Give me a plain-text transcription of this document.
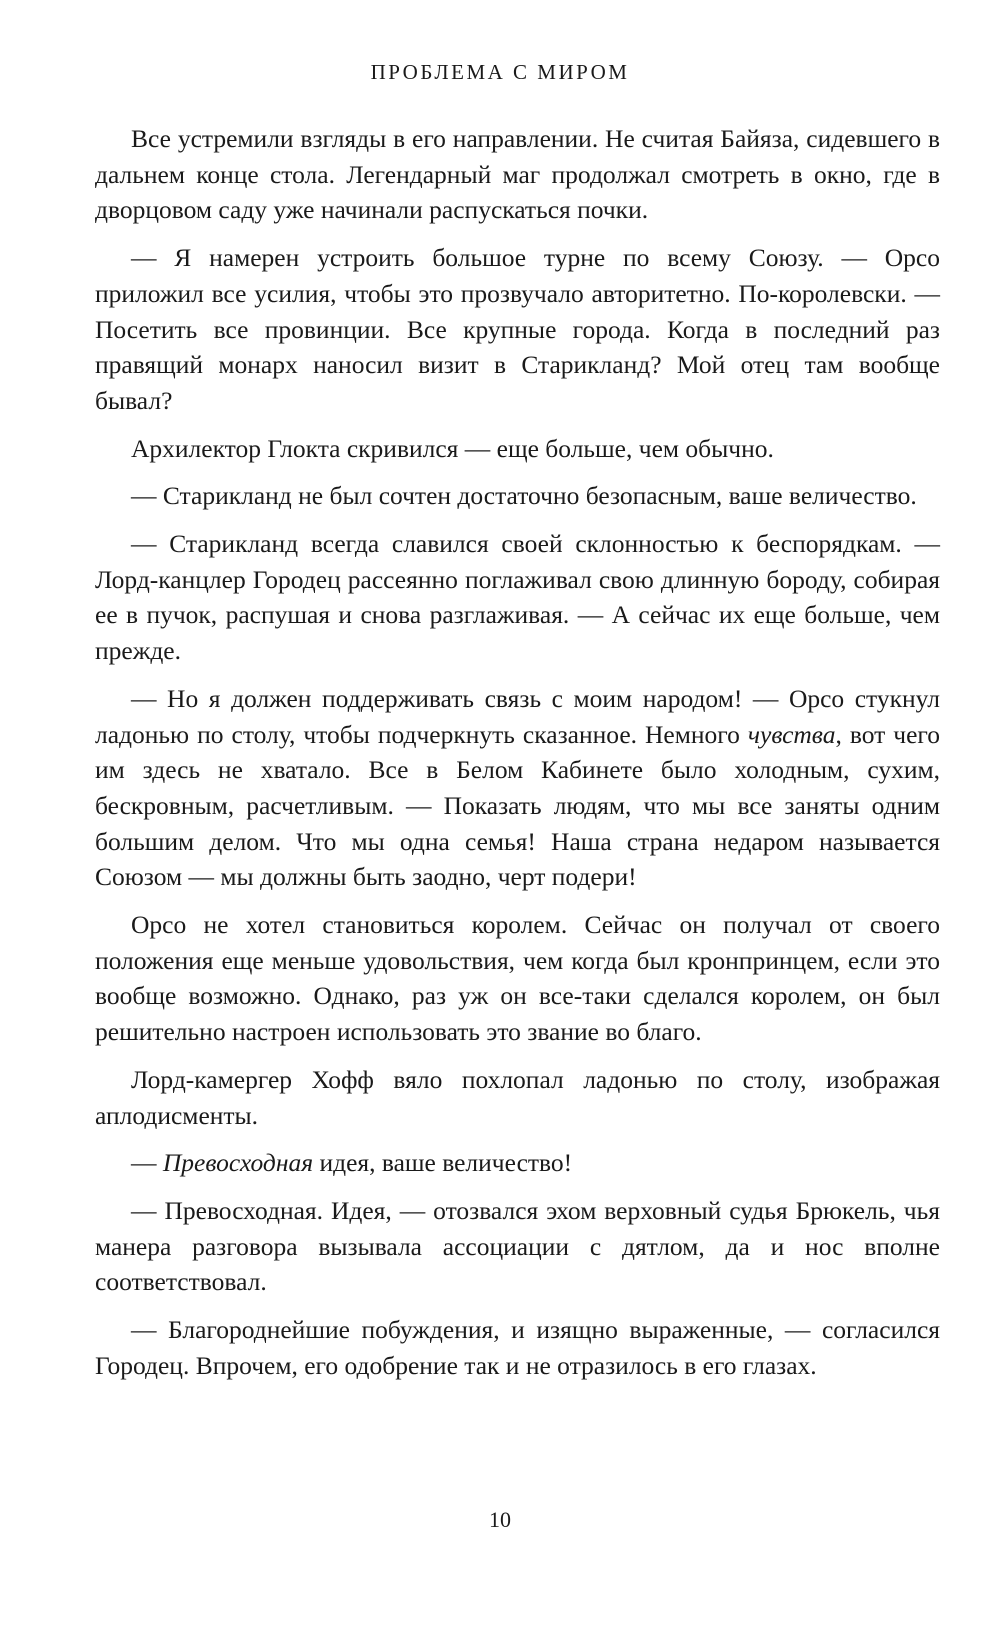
ПРОБЛЕМА С МИРОМ

Все устремили взгляды в его направлении. Не считая Байяза, сидевшего в дальнем конце стола. Легендарный маг продолжал смотреть в окно, где в дворцовом саду уже начинали распускаться почки.

— Я намерен устроить большое турне по всему Союзу. — Орсо приложил все усилия, чтобы это прозвучало авторитетно. По-королевски. — Посетить все провинции. Все крупные города. Когда в последний раз правящий монарх наносил визит в Старикланд? Мой отец там вообще бывал?

Архилектор Глокта скривился — еще больше, чем обычно.

— Старикланд не был сочтен достаточно безопасным, ваше величество.

— Старикланд всегда славился своей склонностью к беспорядкам. — Лорд-канцлер Городец рассеянно поглаживал свою длинную бороду, собирая ее в пучок, распушая и снова разглаживая. — А сейчас их еще больше, чем прежде.

— Но я должен поддерживать связь с моим народом! — Орсо стукнул ладонью по столу, чтобы подчеркнуть сказанное. Немного чувства, вот чего им здесь не хватало. Все в Белом Кабинете было холодным, сухим, бескровным, расчетливым. — Показать людям, что мы все заняты одним большим делом. Что мы одна семья! Наша страна недаром называется Союзом — мы должны быть заодно, черт подери!

Орсо не хотел становиться королем. Сейчас он получал от своего положения еще меньше удовольствия, чем когда был кронпринцем, если это вообще возможно. Однако, раз уж он все-таки сделался королем, он был решительно настроен использовать это звание во благо.

Лорд-камергер Хофф вяло похлопал ладонью по столу, изображая аплодисменты.

— Превосходная идея, ваше величество!

— Превосходная. Идея, — отозвался эхом верховный судья Брюкель, чья манера разговора вызывала ассоциации с дятлом, да и нос вполне соответствовал.

— Благороднейшие побуждения, и изящно выраженные, — согласился Городец. Впрочем, его одобрение так и не отразилось в его глазах.

10
